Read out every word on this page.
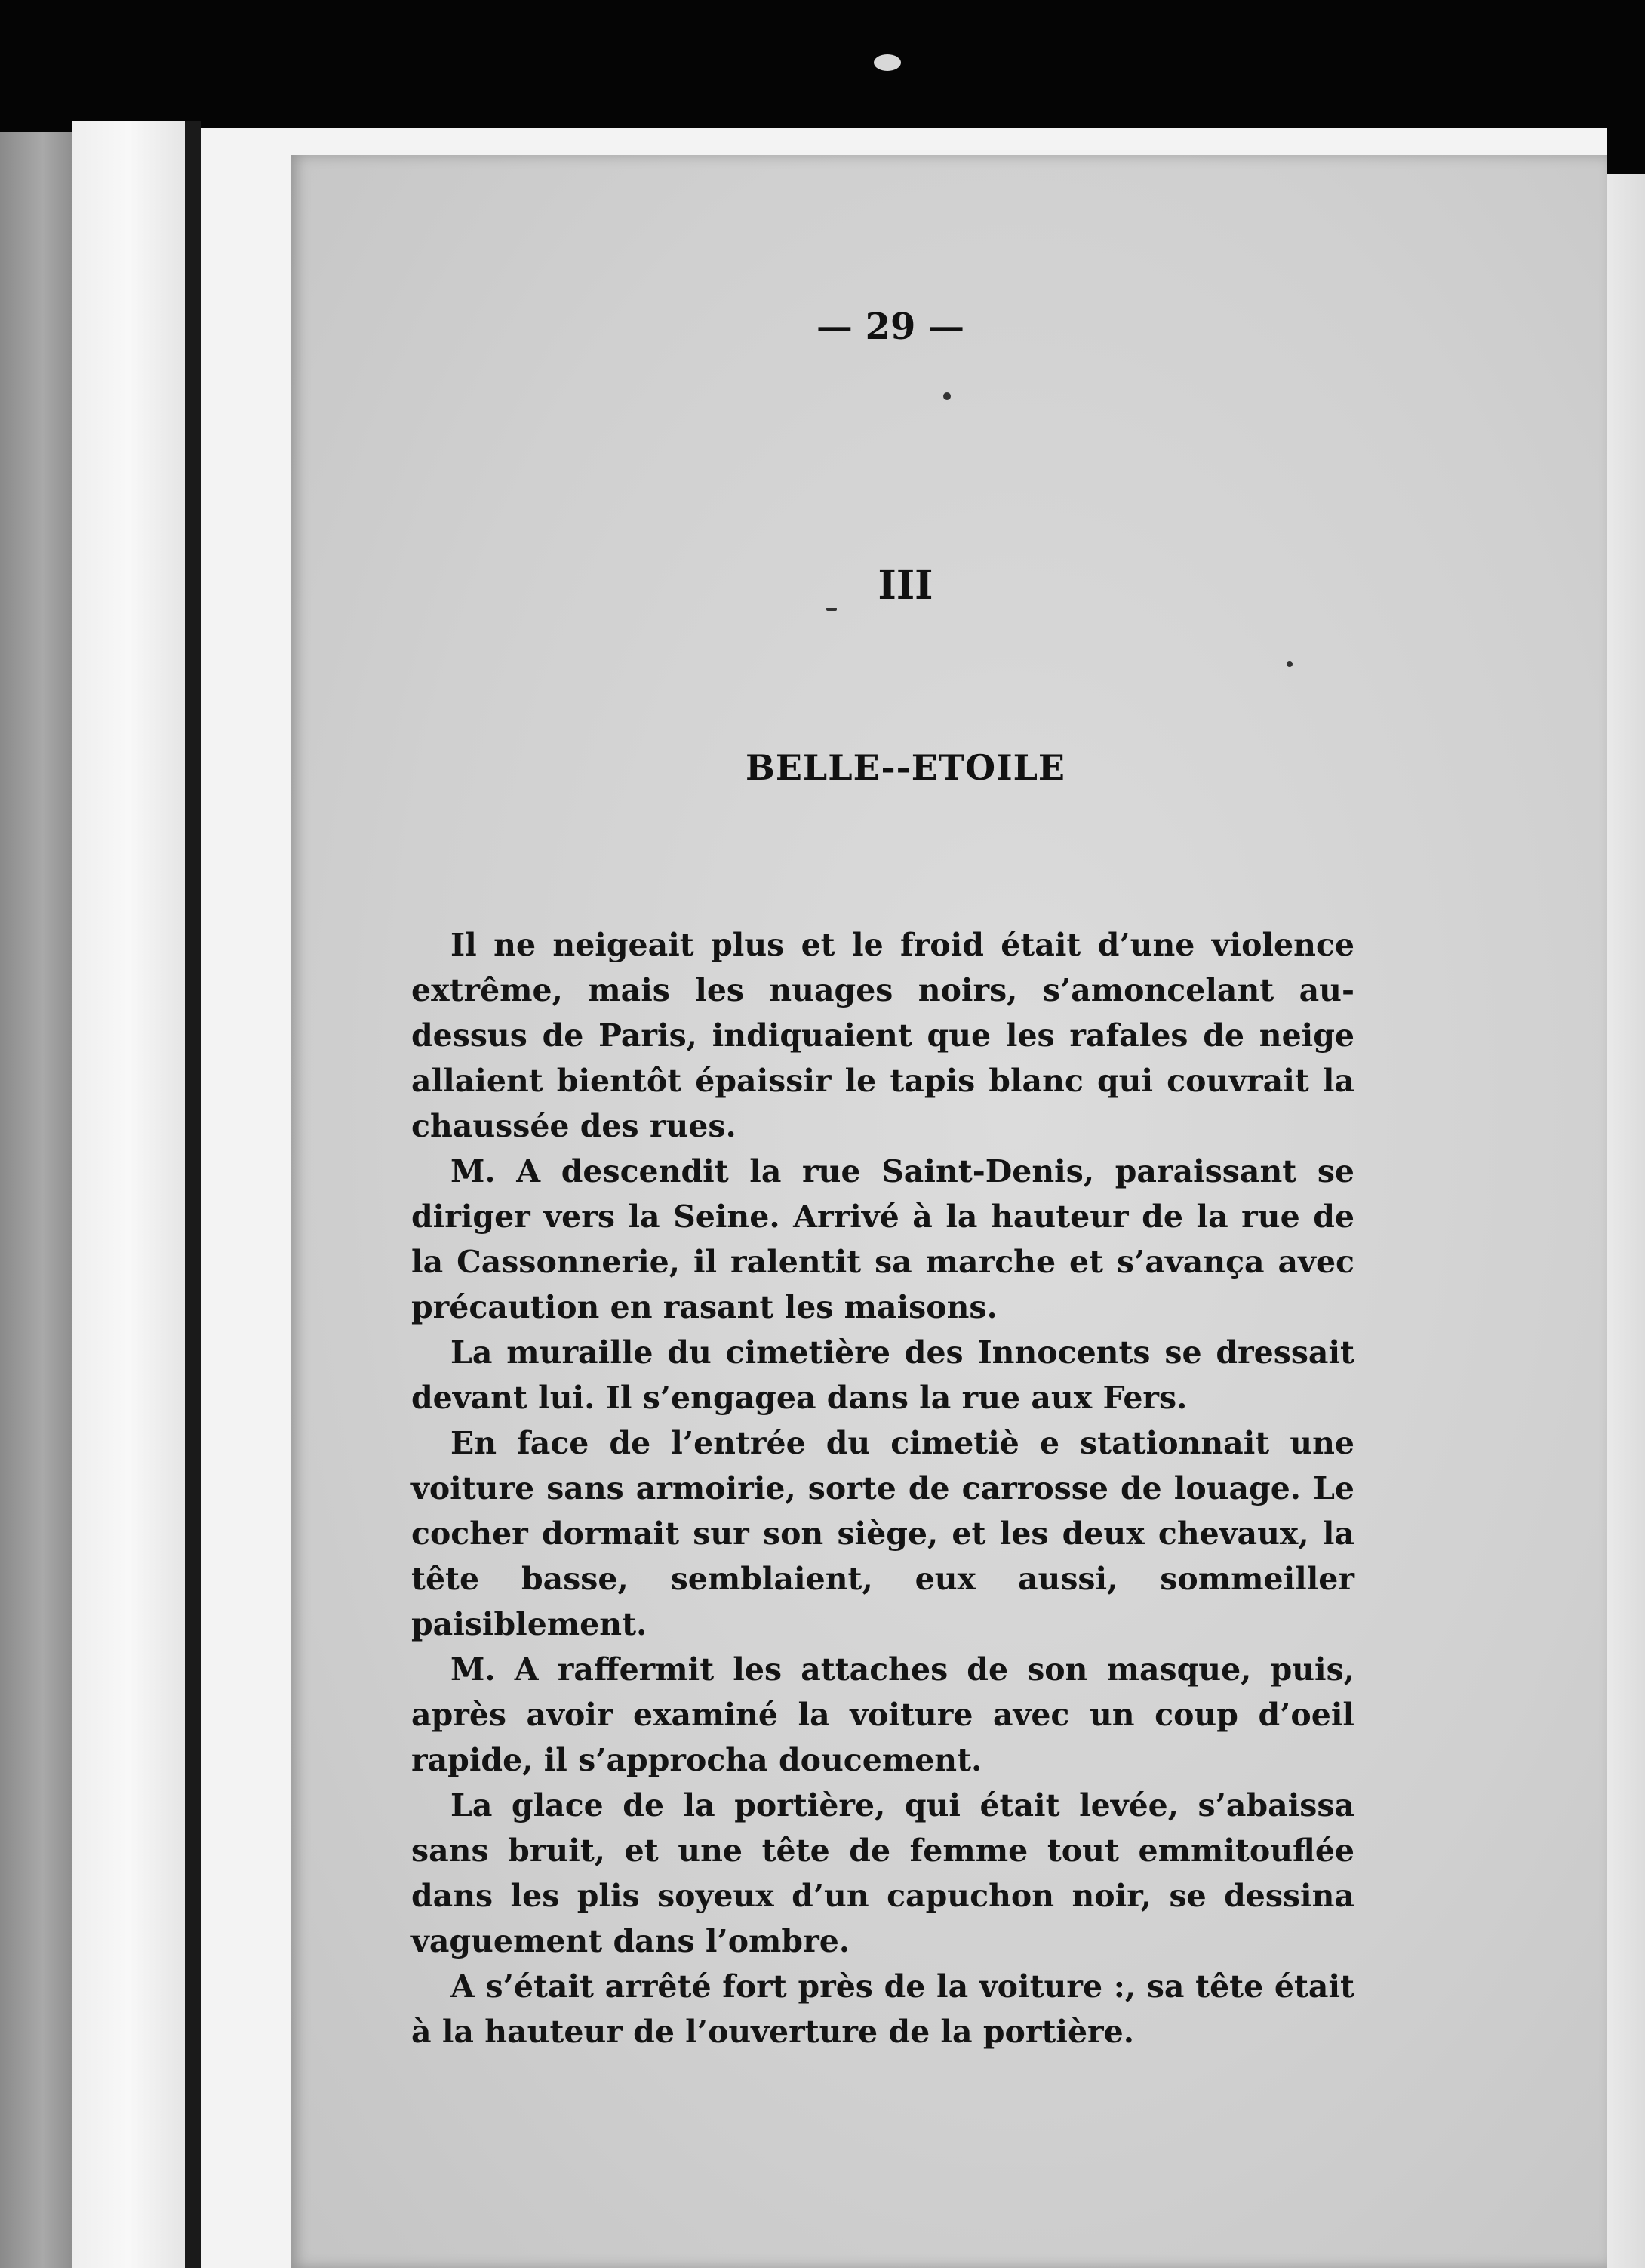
— 29 —
III
BELLE--ETOILE

Il ne neigeait plus et le froid était d’une violence extrême, mais les nuages noirs, s’amoncelant au-dessus de Paris, indiquaient que les rafales de neige allaient bientôt épaissir le tapis blanc qui couvrait la chaussée des rues.

M. A descendit la rue Saint-Denis, paraissant se diriger vers la Seine. Arrivé à la hauteur de la rue de la Cassonnerie, il ralentit sa marche et s’avança avec précaution en rasant les maisons.

La muraille du cimetière des Innocents se dressait devant lui. Il s’engagea dans la rue aux Fers.

En face de l’entrée du cimetiè e stationnait une voiture sans armoirie, sorte de carrosse de louage. Le cocher dormait sur son siège, et les deux chevaux, la tête basse, semblaient, eux aussi, sommeiller paisiblement.

M. A raffermit les attaches de son masque, puis, après avoir examiné la voiture avec un coup d’oeil rapide, il s’approcha doucement.

La glace de la portière, qui était levée, s’abaissa sans bruit, et une tête de femme tout emmitouflée dans les plis soyeux d’un capuchon noir, se dessina vaguement dans l’ombre.

A s’était arrêté fort près de la voiture :, sa tête était à la hauteur de l’ouverture de la portière.
